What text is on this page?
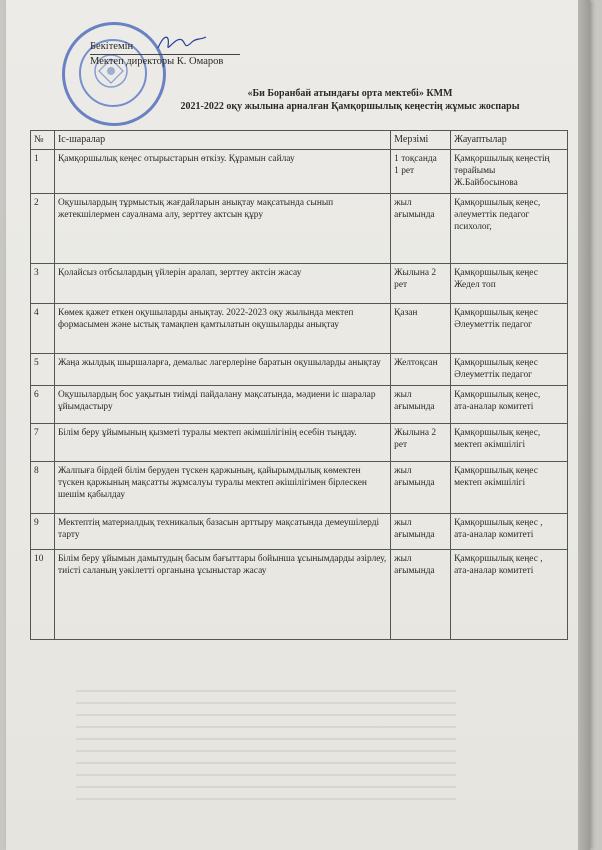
Бекітемін
Мектеп директоры К. Омаров
«Би Боранбай атындағы орта мектебі» КММ
2021-2022 оқу жылына арналған Қамқоршылық кеңестің жұмыс жоспары
№	Іс-шаралар	Мерзімі	Жауаптылар
1	Қамқоршылық кеңес отырыстарын өткізу. Құрамын сайлау	1 тоқсанда
1 рет	Қамқоршылық кеңестің
төрайымы
Ж.Байбосынова
2	Оқушылардың тұрмыстық жағдайларын анықтау мақсатында сынып жетекшілермен сауалнама алу, зерттеу актсын құру	жыл
ағымында	Қамқоршылық кеңес,
әлеуметтік педагог
психолог,
3	Қолайсыз отбсылардың үйлерін аралап, зерттеу актсін жасау	Жылына 2
рет	Қамқоршылық кеңес
Жедел топ

4	Көмек қажет еткен оқушыларды анықтау. 2022-2023 оқу жылында мектеп формасымен және ыстық тамақпен қамтылатын оқушыларды анықтау	Қазан	Қамқоршылық кеңес
Әлеуметтік педагог

5	Жаңа жылдық шыршаларға, демалыс лагерлеріне баратын оқушыларды анықтау	Желтоқсан	Қамқоршылық кеңес
Әлеуметтік педагог

6	Оқушылардың бос уақытын тиімді пайдалану мақсатында, мәдиени іс шаралар ұйымдастыру	жыл
ағымында	Қамқоршылық кеңес,
ата-аналар комитеті

7	Білім беру ұйымының қызметі туралы мектеп әкімшілігінің есебін тыңдау.	Жылына 2
рет	Қамқоршылық кеңес,
мектеп әкімшілігі

8	Жалпыға бірдей білім беруден түскен қаржының, қайырымдылық көмектен түскен қаржының мақсатты жұмсалуы туралы мектеп әкішілігімен бірлескен шешім қабылдау	жыл
ағымында	Қамқоршылық кеңес
мектеп әкімшілігі

9	Мектептің материалдық техникалық базасын арттыру мақсатында демеушілерді тарту	жыл
ағымында	Қамқоршылық кеңес ,
ата-аналар комитеті

10	Білім беру ұйымын дамытудың басым бағыттары бойынша ұсынымдарды әзірлеу, тиісті саланың уәкілетті органына ұсыныстар жасау	жыл
ағымында	Қамқоршылық кеңес ,
ата-аналар комитеті
